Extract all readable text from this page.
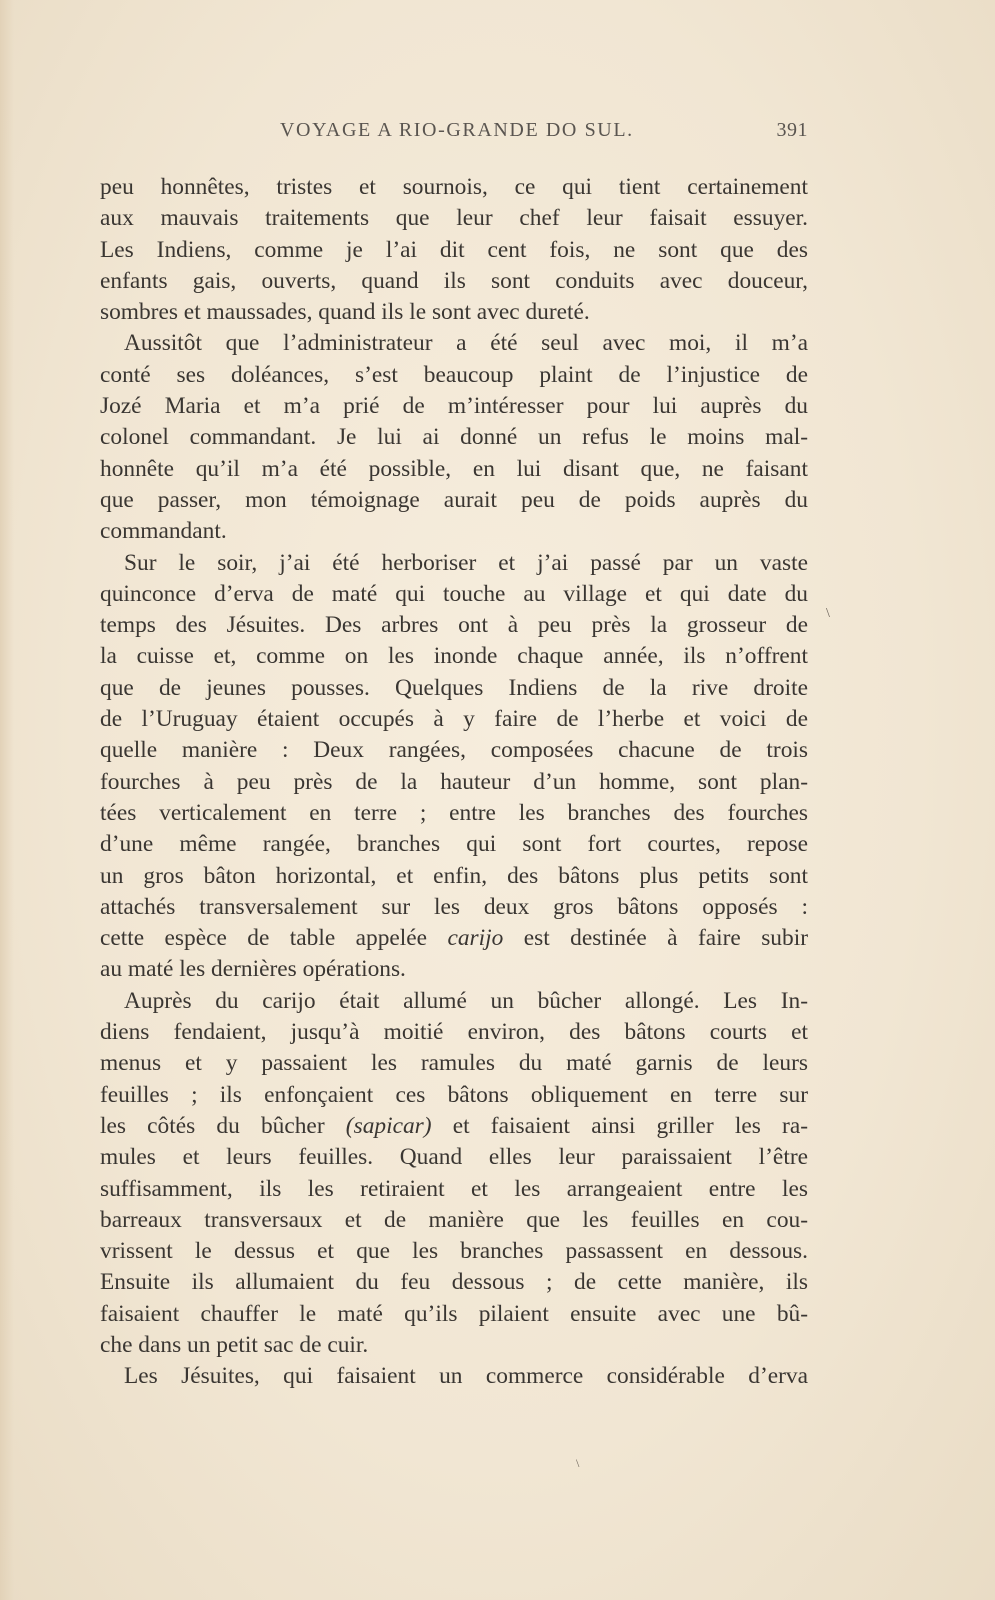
VOYAGE A RIO-GRANDE DO SUL.	391
peu honnêtes, tristes et sournois, ce qui tient certainement
aux mauvais traitements que leur chef leur faisait essuyer.
Les Indiens, comme je l’ai dit cent fois, ne sont que des
enfants gais, ouverts, quand ils sont conduits avec douceur,
sombres et maussades, quand ils le sont avec dureté.
Aussitôt que l’administrateur a été seul avec moi, il m’a
conté ses doléances, s’est beaucoup plaint de l’injustice de
Jozé Maria et m’a prié de m’intéresser pour lui auprès du
colonel commandant. Je lui ai donné un refus le moins mal-
honnête qu’il m’a été possible, en lui disant que, ne faisant
que passer, mon témoignage aurait peu de poids auprès du
commandant.
Sur le soir, j’ai été herboriser et j’ai passé par un vaste
quinconce d’erva de maté qui touche au village et qui date du
temps des Jésuites. Des arbres ont à peu près la grosseur de
la cuisse et, comme on les inonde chaque année, ils n’offrent
que de jeunes pousses. Quelques Indiens de la rive droite
de l’Uruguay étaient occupés à y faire de l’herbe et voici de
quelle manière : Deux rangées, composées chacune de trois
fourches à peu près de la hauteur d’un homme, sont plan-
tées verticalement en terre ; entre les branches des fourches
d’une même rangée, branches qui sont fort courtes, repose
un gros bâton horizontal, et enfin, des bâtons plus petits sont
attachés transversalement sur les deux gros bâtons opposés :
cette espèce de table appelée carijo est destinée à faire subir
au maté les dernières opérations.
Auprès du carijo était allumé un bûcher allongé. Les In-
diens fendaient, jusqu’à moitié environ, des bâtons courts et
menus et y passaient les ramules du maté garnis de leurs
feuilles ; ils enfonçaient ces bâtons obliquement en terre sur
les côtés du bûcher (sapicar) et faisaient ainsi griller les ra-
mules et leurs feuilles. Quand elles leur paraissaient l’être
suffisamment, ils les retiraient et les arrangeaient entre les
barreaux transversaux et de manière que les feuilles en cou-
vrissent le dessus et que les branches passassent en dessous.
Ensuite ils allumaient du feu dessous ; de cette manière, ils
faisaient chauffer le maté qu’ils pilaient ensuite avec une bû-
che dans un petit sac de cuir.
Les Jésuites, qui faisaient un commerce considérable d’erva
\
\
